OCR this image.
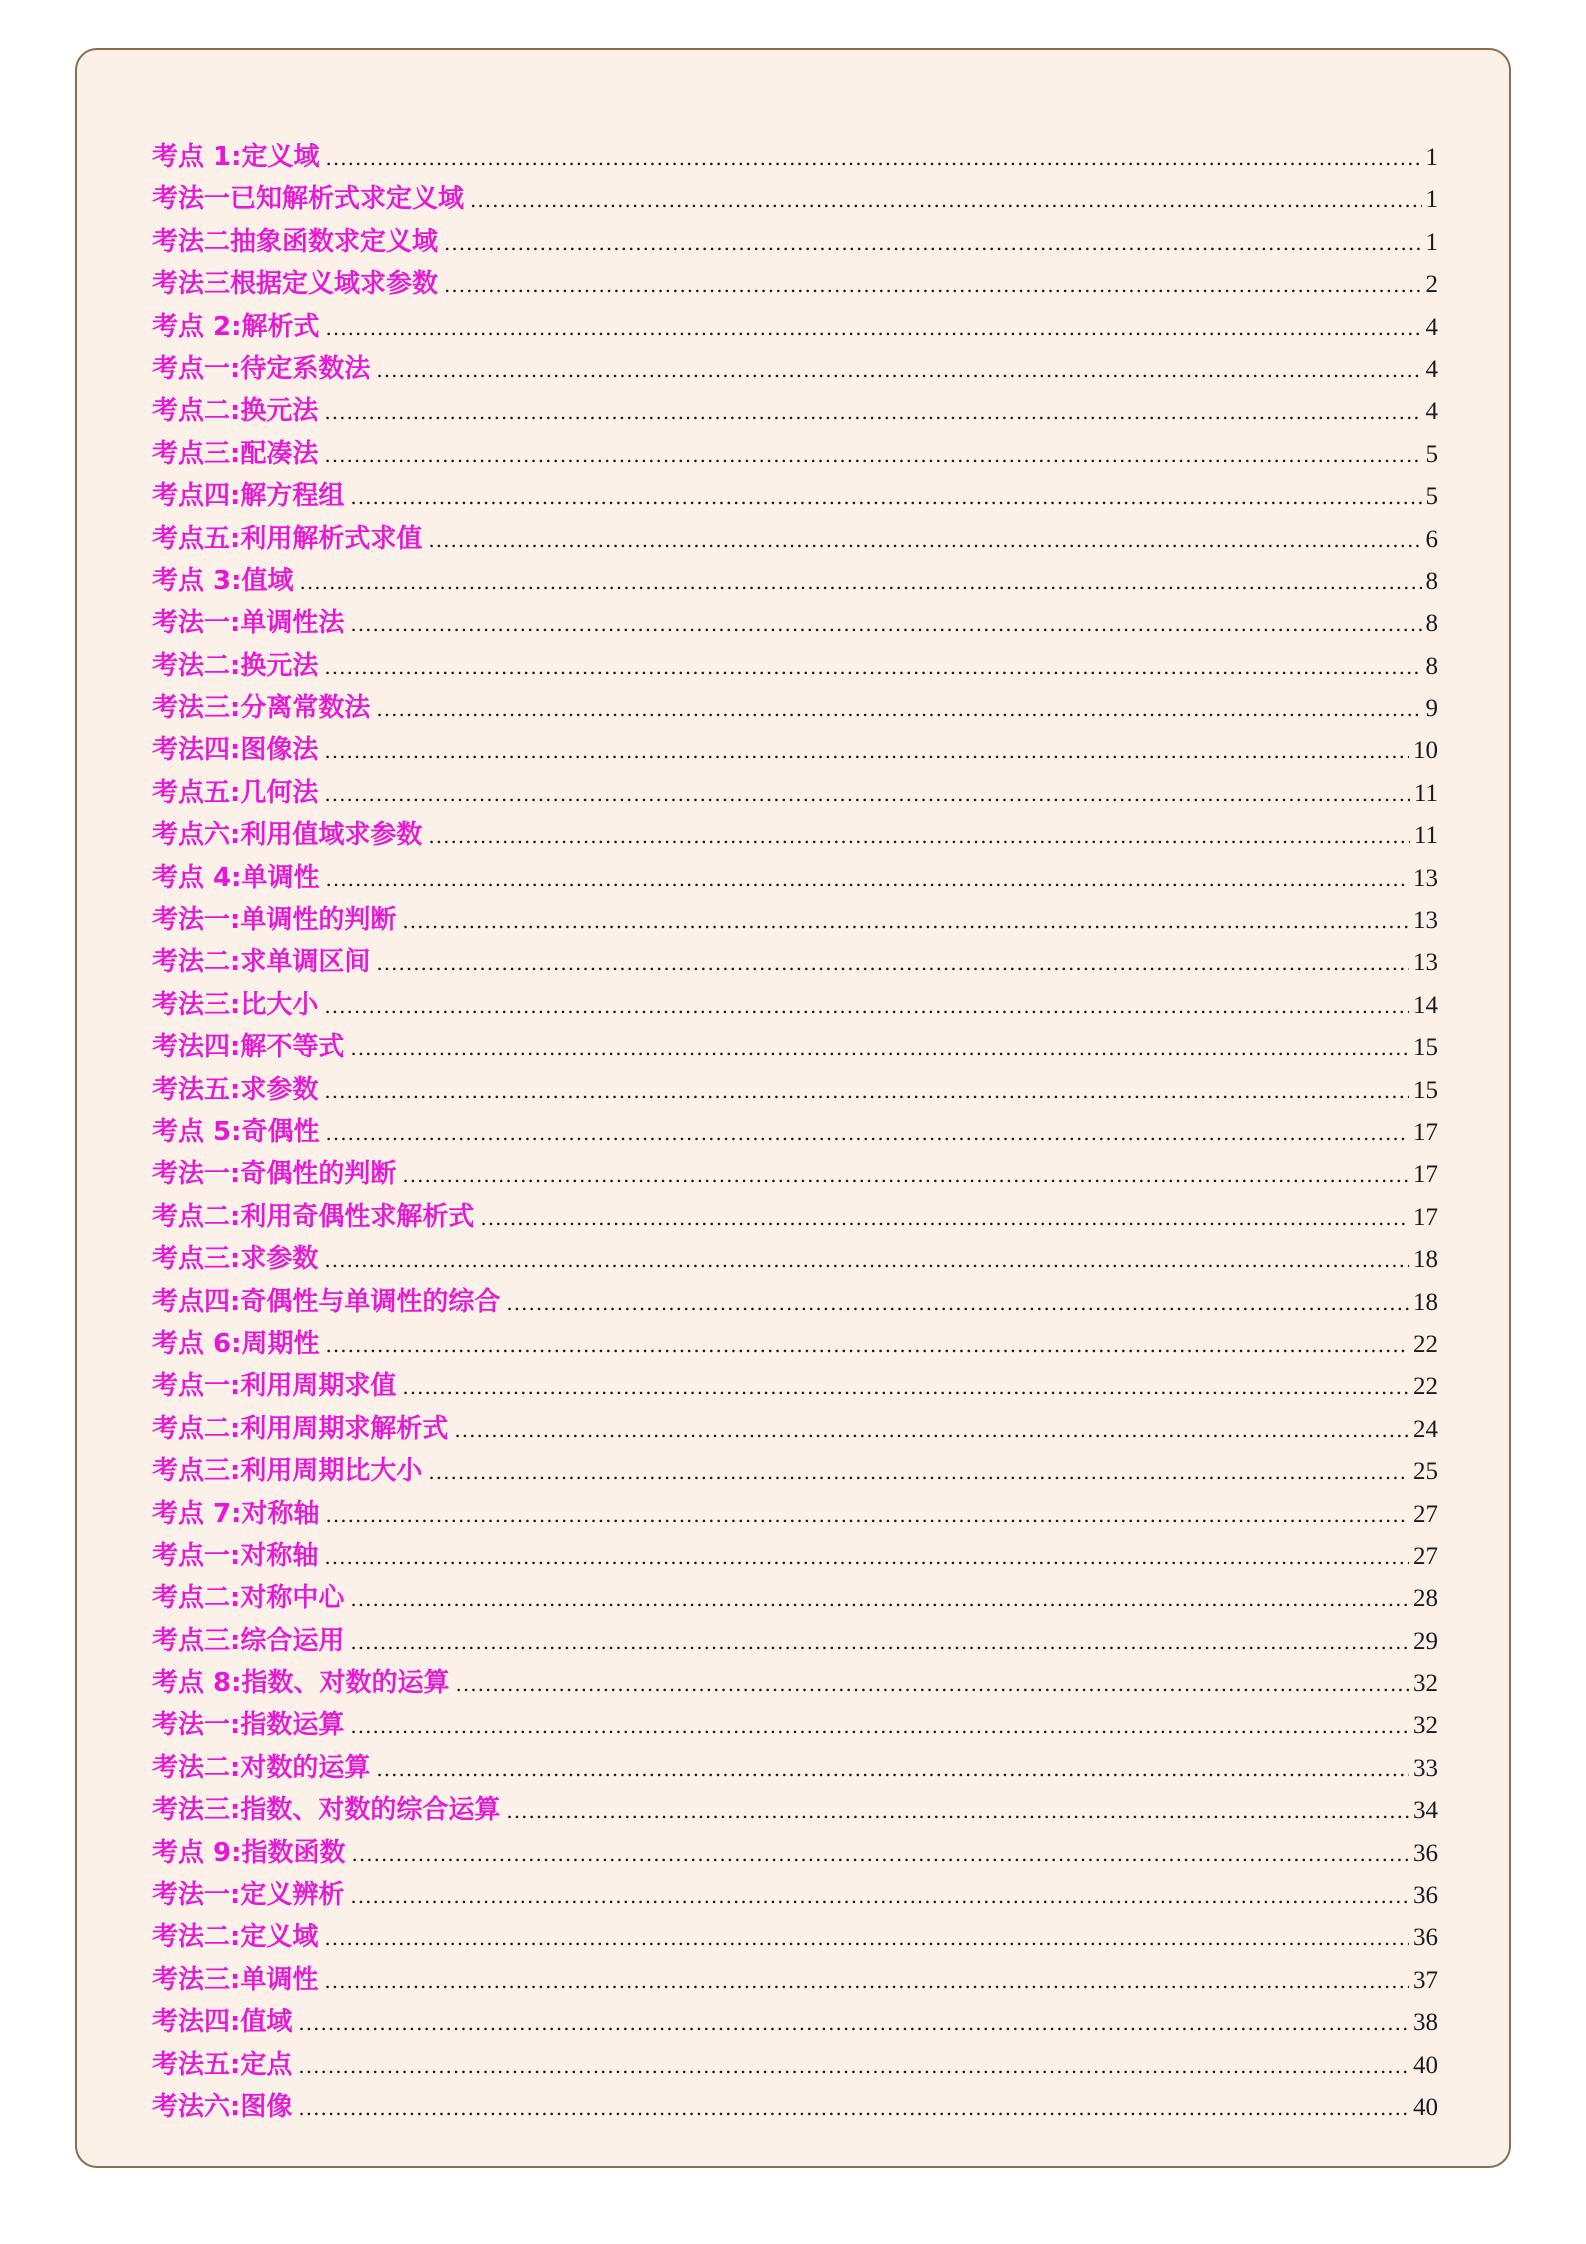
考点 1:定义域 .....	1
考法一已知解析式求定义域 .....	1
考法二抽象函数求定义域 .....	1
考法三根据定义域求参数 .....	2
考点 2:解析式 .....	4
考点一:待定系数法 .....	4
考点二:换元法 .....	4
考点三:配凑法 .....	5
考点四:解方程组 .....	5
考点五:利用解析式求值 .....	6
考点 3:值域 .....	8
考法一:单调性法 .....	8
考法二:换元法 .....	8
考法三:分离常数法 .....	9
考法四:图像法 .....	10
考点五:几何法 .....	11
考点六:利用值域求参数 .....	11
考点 4:单调性 .....	13
考法一:单调性的判断 .....	13
考法二:求单调区间 .....	13
考法三:比大小 .....	14
考法四:解不等式 .....	15
考法五:求参数 .....	15
考点 5:奇偶性 .....	17
考法一:奇偶性的判断 .....	17
考点二:利用奇偶性求解析式 .....	17
考点三:求参数 .....	18
考点四:奇偶性与单调性的综合 .....	18
考点 6:周期性 .....	22
考点一:利用周期求值 .....	22
考点二:利用周期求解析式 .....	24
考点三:利用周期比大小 .....	25
考点 7:对称轴 .....	27
考点一:对称轴 .....	27
考点二:对称中心 .....	28
考点三:综合运用 .....	29
考点 8:指数、对数的运算 .....	32
考法一:指数运算 .....	32
考法二:对数的运算 .....	33
考法三:指数、对数的综合运算 .....	34
考点 9:指数函数 .....	36
考法一:定义辨析 .....	36
考法二:定义域 .....	36
考法三:单调性 .....	37
考法四:值域 .....	38
考法五:定点 .....	40
考法六:图像 .....	40
